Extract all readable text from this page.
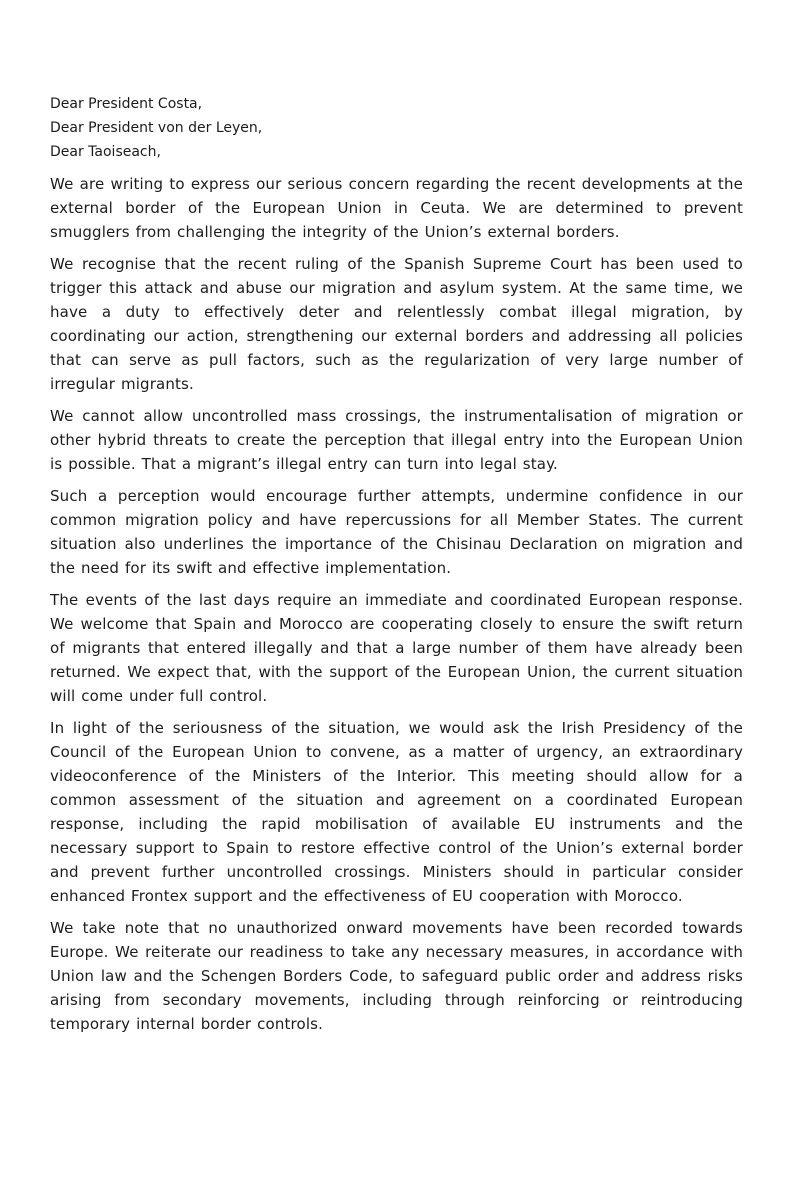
Dear President Costa,
Dear President von der Leyen,
Dear Taoiseach,

We are writing to express our serious concern regarding the recent developments at the external border of the European Union in Ceuta. We are determined to prevent smugglers from challenging the integrity of the Union’s external borders.

We recognise that the recent ruling of the Spanish Supreme Court has been used to trigger this attack and abuse our migration and asylum system. At the same time, we have a duty to effectively deter and relentlessly combat illegal migration, by coordinating our action, strengthening our external borders and addressing all policies that can serve as pull factors, such as the regularization of very large number of irregular migrants.

We cannot allow uncontrolled mass crossings, the instrumentalisation of migration or other hybrid threats to create the perception that illegal entry into the European Union is possible. That a migrant’s illegal entry can turn into legal stay.

Such a perception would encourage further attempts, undermine confidence in our common migration policy and have repercussions for all Member States. The current situation also underlines the importance of the Chisinau Declaration on migration and the need for its swift and effective implementation.

The events of the last days require an immediate and coordinated European response. We welcome that Spain and Morocco are cooperating closely to ensure the swift return of migrants that entered illegally and that a large number of them have already been returned. We expect that, with the support of the European Union, the current situation will come under full control.

In light of the seriousness of the situation, we would ask the Irish Presidency of the Council of the European Union to convene, as a matter of urgency, an extraordinary videoconference of the Ministers of the Interior. This meeting should allow for a common assessment of the situation and agreement on a coordinated European response, including the rapid mobilisation of available EU instruments and the necessary support to Spain to restore effective control of the Union’s external border and prevent further uncontrolled crossings. Ministers should in particular consider enhanced Frontex support and the effectiveness of EU cooperation with Morocco.

We take note that no unauthorized onward movements have been recorded towards Europe. We reiterate our readiness to take any necessary measures, in accordance with Union law and the Schengen Borders Code, to safeguard public order and address risks arising from secondary movements, including through reinforcing or reintroducing temporary internal border controls.
